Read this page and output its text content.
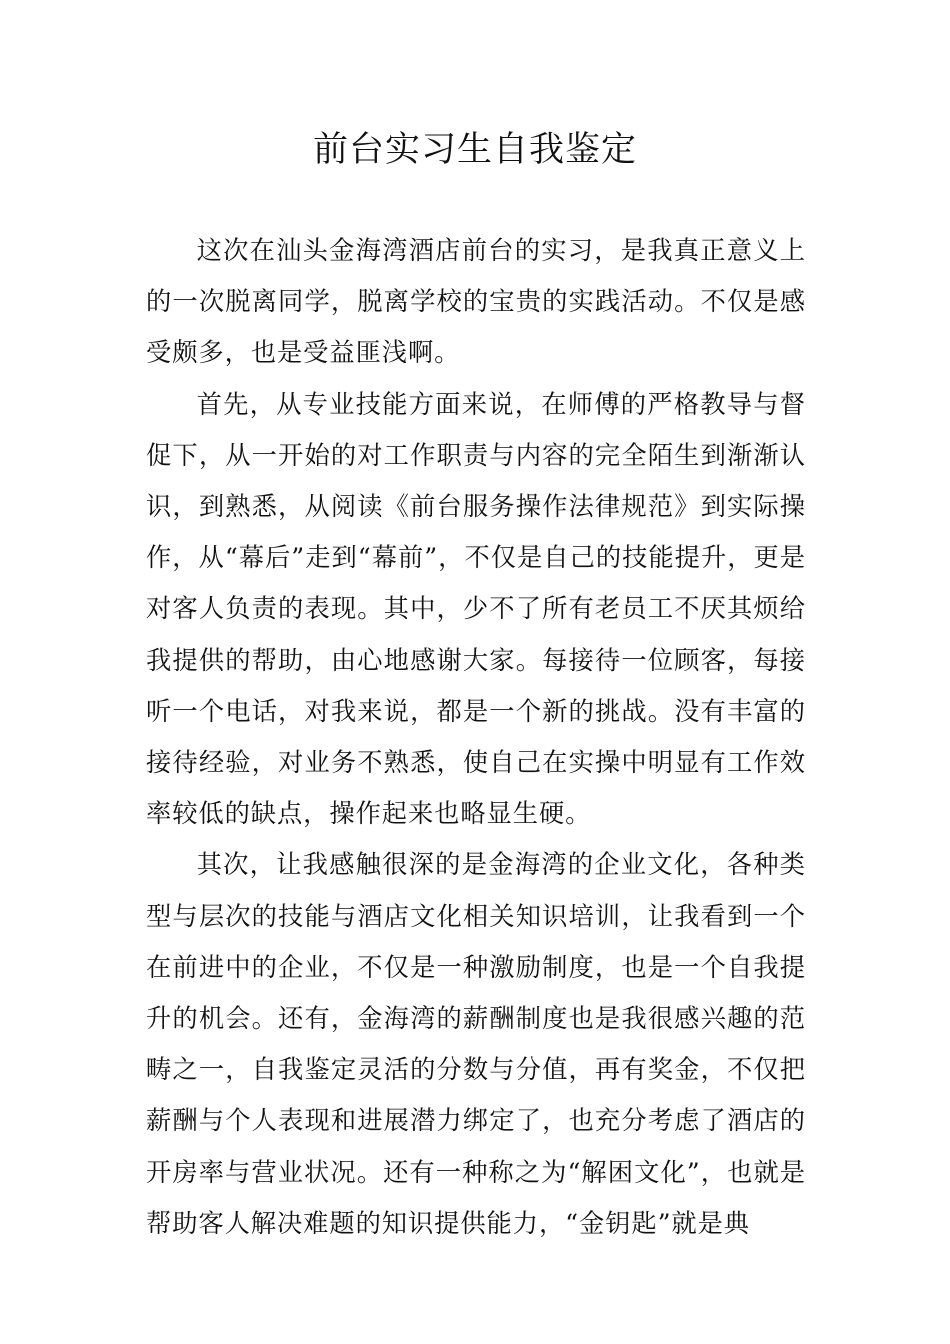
前台实习生自我鉴定

这次在汕头金海湾酒店前台的实习，是我真正意义上的一次脱离同学，脱离学校的宝贵的实践活动。不仅是感受颇多，也是受益匪浅啊。

首先，从专业技能方面来说，在师傅的严格教导与督促下，从一开始的对工作职责与内容的完全陌生到渐渐认识，到熟悉，从阅读《前台服务操作法律规范》到实际操作，从“幕后”走到“幕前”，不仅是自己的技能提升，更是对客人负责的表现。其中，少不了所有老员工不厌其烦给我提供的帮助，由心地感谢大家。每接待一位顾客，每接听一个电话，对我来说，都是一个新的挑战。没有丰富的接待经验，对业务不熟悉，使自己在实操中明显有工作效率较低的缺点，操作起来也略显生硬。

其次，让我感触很深的是金海湾的企业文化，各种类型与层次的技能与酒店文化相关知识培训，让我看到一个在前进中的企业，不仅是一种激励制度，也是一个自我提升的机会。还有，金海湾的薪酬制度也是我很感兴趣的范畴之一，自我鉴定灵活的分数与分值，再有奖金，不仅把薪酬与个人表现和进展潜力绑定了，也充分考虑了酒店的开房率与营业状况。还有一种称之为“解困文化”，也就是帮助客人解决难题的知识提供能力，“金钥匙”就是典
